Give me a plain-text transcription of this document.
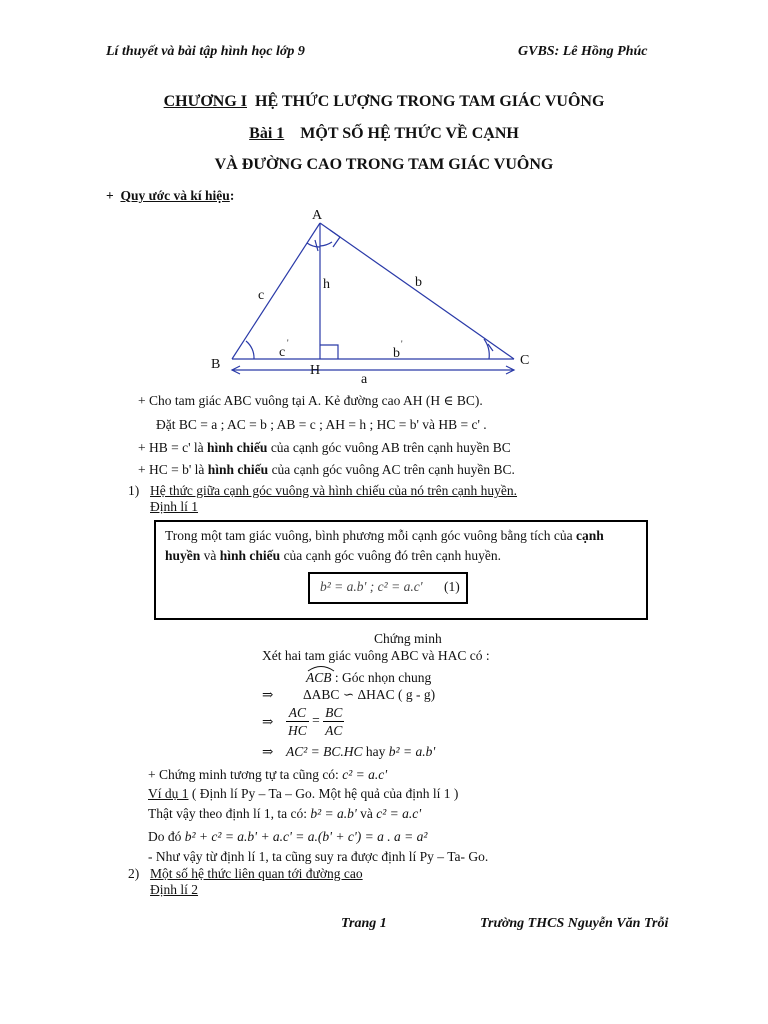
Lí thuyết và bài tập hình học lớp 9	GVBS: Lê Hồng Phúc
CHƯƠNG I HỆ THỨC LƯỢNG TRONG TAM GIÁC VUÔNG
Bài 1 MỘT SỐ HỆ THỨC VỀ CẠNH
VÀ ĐƯỜNG CAO TRONG TAM GIÁC VUÔNG
+ Quy ước và kí hiệu:
A
B	C
H
a
b
c
h
c
'
b
'
+ Cho tam giác ABC vuông tại A. Kẻ đường cao AH (H ∈ BC).
Đặt BC = a ; AC = b ; AB = c ; AH = h ; HC = b' và HB = c' .
+ HB = c' là hình chiếu của cạnh góc vuông AB trên cạnh huyền BC
+ HC = b' là hình chiếu của cạnh góc vuông AC trên cạnh huyền BC.
1) Hệ thức giữa cạnh góc vuông và hình chiếu của nó trên cạnh huyền.
Định lí 1
Trong một tam giác vuông, bình phương mỗi cạnh góc vuông bằng tích của cạnh huyền và hình chiếu của cạnh góc vuông đó trên cạnh huyền.
b² = a.b' ; c² = a.c' (1)
Chứng minh
Xét hai tam giác vuông ABC và HAC có :
ACB
: Góc nhọn chung
⇒ ΔABC ∽ ΔHAC ( g - g)
⇒ $\frac{AC}{HC} = \frac{BC}{AC}$
⇒ AC² = BC.HC hay b² = a.b'
+ Chứng minh tương tự ta cũng có: c² = a.c'
Ví dụ 1 ( Định lí Py – Ta – Go. Một hệ quả của định lí 1 )
Thật vậy theo định lí 1, ta có: b² = a.b' và c² = a.c'
Do đó b² + c² = a.b' + a.c' = a.(b' + c') = a . a = a²
- Như vậy từ định lí 1, ta cũng suy ra được định lí Py – Ta- Go.
2) Một số hệ thức liên quan tới đường cao
Định lí 2
Trang 1	Trường THCS Nguyễn Văn Trỗi
